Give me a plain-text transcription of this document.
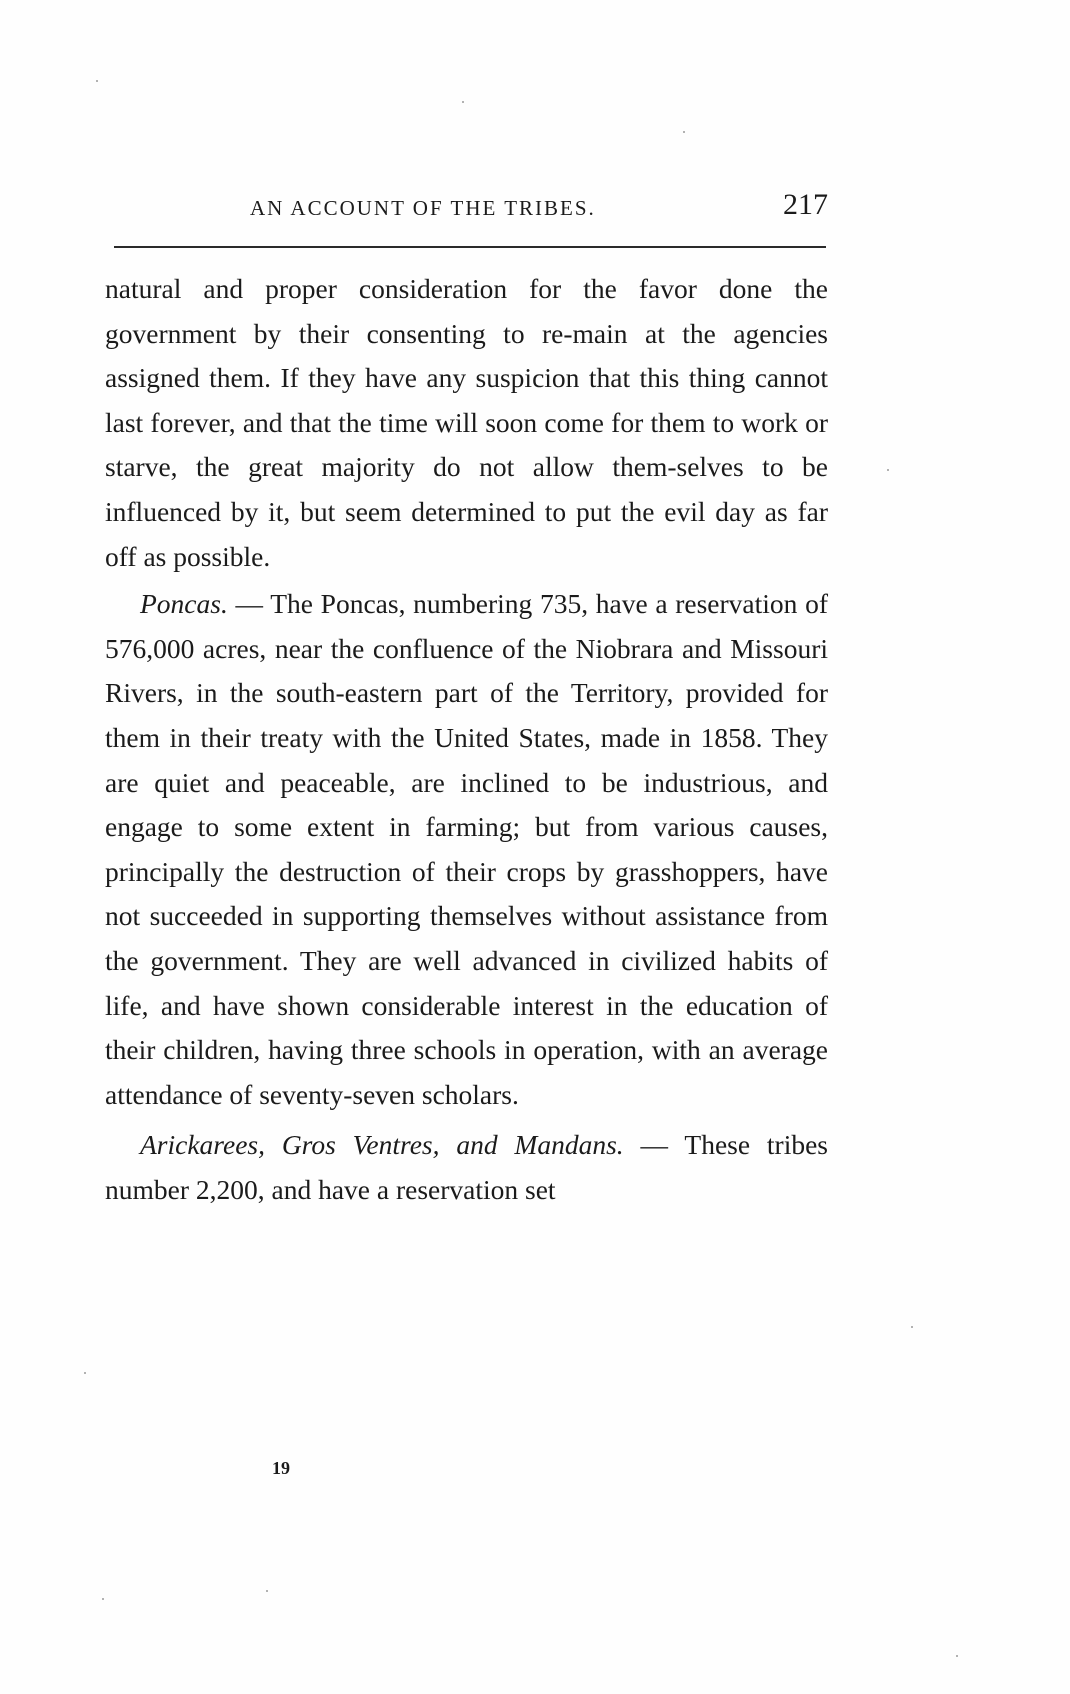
AN ACCOUNT OF THE TRIBES.	217

natural and proper consideration for the favor done the government by their consenting to re-main at the agencies assigned them. If they have any suspicion that this thing cannot last forever, and that the time will soon come for them to work or starve, the great majority do not allow them-selves to be influenced by it, but seem determined to put the evil day as far off as possible.

Poncas. — The Poncas, numbering 735, have a reservation of 576,000 acres, near the confluence of the Niobrara and Missouri Rivers, in the south-eastern part of the Territory, provided for them in their treaty with the United States, made in 1858. They are quiet and peaceable, are inclined to be industrious, and engage to some extent in farming; but from various causes, principally the destruction of their crops by grasshoppers, have not succeeded in supporting themselves without assistance from the government. They are well advanced in civilized habits of life, and have shown considerable interest in the education of their children, having three schools in operation, with an average attendance of seventy-seven scholars.

Arickarees, Gros Ventres, and Mandans. — These tribes number 2,200, and have a reservation set

19
